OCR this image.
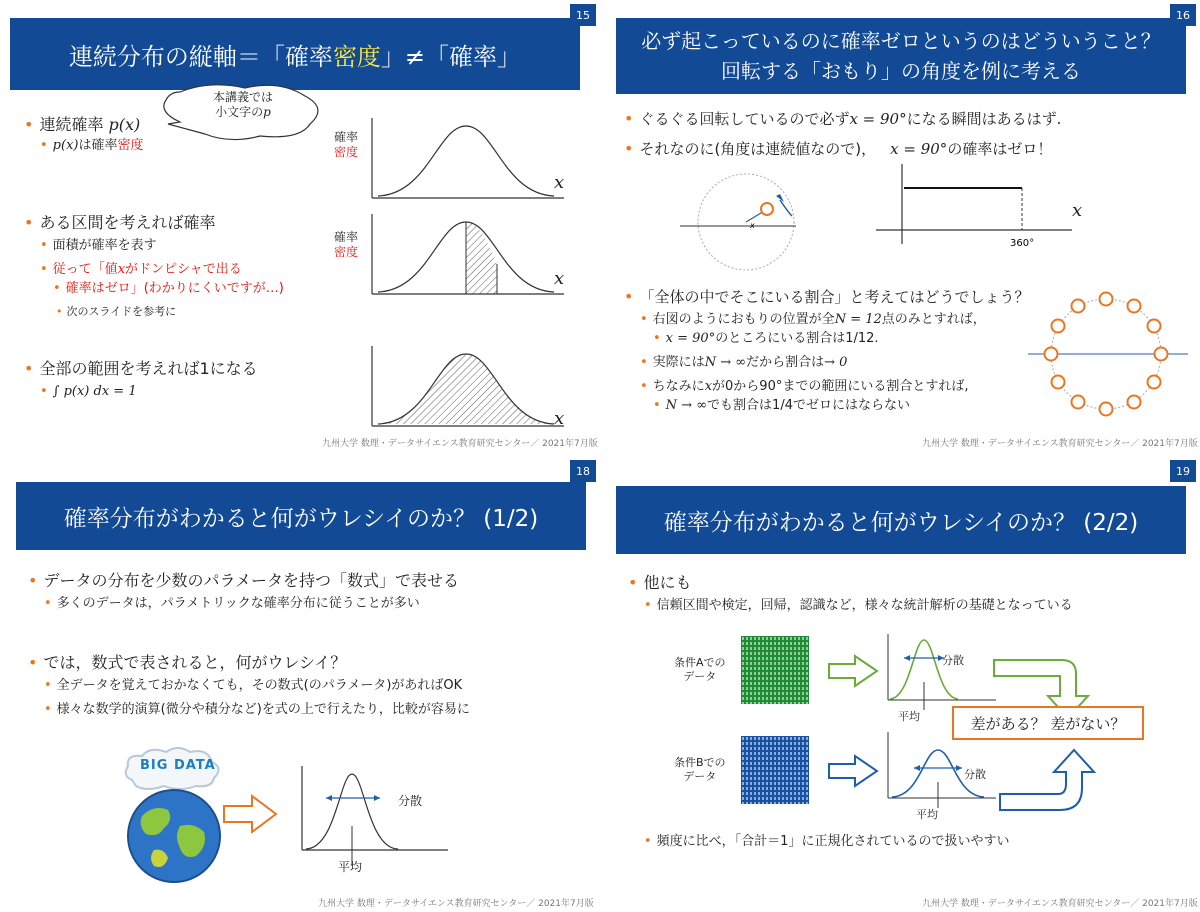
連続分布の縦軸＝「確率 密度 」≠「確率」
15
本講義では
小文字のp
• 連続確率 p(x)
• p(x)は確率密度
• ある区間を考えれば確率
• 面積が確率を表す
• 従って「値xがドンピシャで出る
• 確率はゼロ」(わかりにくいですが…)
• 次のスライドを参考に
• 全部の範囲を考えれば1になる
• ∫ p(x) dx = 1
確率
密度
x
確率
密度
x
x
九州大学 数理・データサイエンス教育研究センター／ 2021年7月版
必ず起こっているのに確率ゼロというのはどういうこと？
回転する「おもり」の角度を例に考える
16
• ぐるぐる回転しているので必ずx = 90°になる瞬間はあるはず.
• それなのに(角度は連続値なので)， x = 90°の確率はゼロ！
x
360°
x
• 「全体の中でそこにいる割合」と考えてはどうでしょう？
• 右図のようにおもりの位置が全N = 12点のみとすれば，
• x = 90°のところにいる割合は1/12.
• 実際にはN → ∞だから割合は→ 0
• ちなみにxが0から90°までの範囲にいる割合とすれば,
• N → ∞でも割合は1/4でゼロにはならない
九州大学 数理・データサイエンス教育研究センター／ 2021年7月版
確率分布がわかると何がウレシイのか？ (1/2)
18
• データの分布を少数のパラメータを持つ「数式」で表せる
• 多くのデータは，パラメトリックな確率分布に従うことが多い
• では，数式で表されると，何がウレシイ？
• 全データを覚えておかなくても，その数式(のパラメータ)があればOK
• 様々な数学的演算(微分や積分など)を式の上で行えたり，比較が容易に
BIG DATA
分散
平均
九州大学 数理・データサイエンス教育研究センター／ 2021年7月版
確率分布がわかると何がウレシイのか？ (2/2)
19
• 他にも
• 信頼区間や検定，回帰，認識など，様々な統計解析の基礎となっている
条件Aでの
データ
分散
平均
条件Bでの
データ	分散
平均
差がある？ 差がない？
• 頻度に比べ，「合計＝1」に正規化されているので扱いやすい
九州大学 数理・データサイエンス教育研究センター／ 2021年7月版
